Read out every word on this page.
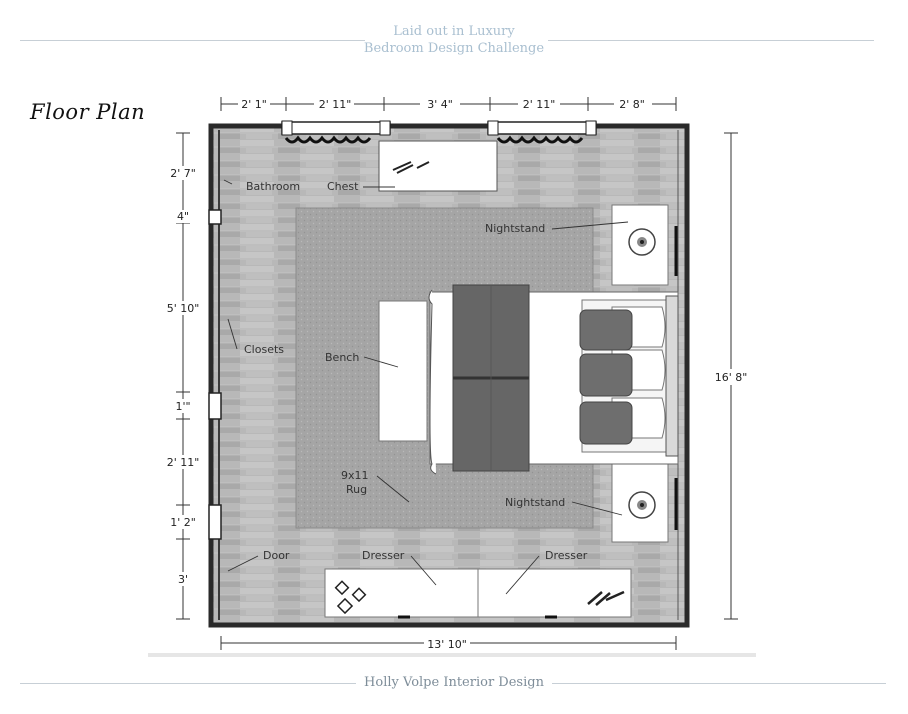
Laid out in Luxury
Bedroom Design Challenge
Floor Plan	2' 1"	2' 11"	3' 4"	2' 11"	2' 8"
2' 7"
4"
5' 10"
1'"
2' 11"
1' 2"
3'
16' 8"
13' 10"
Bathroom Chest
Nightstand
Closets
Bench
9x11
Rug
Nightstand
Door	Dresser	Dresser
Holly Volpe Interior Design
